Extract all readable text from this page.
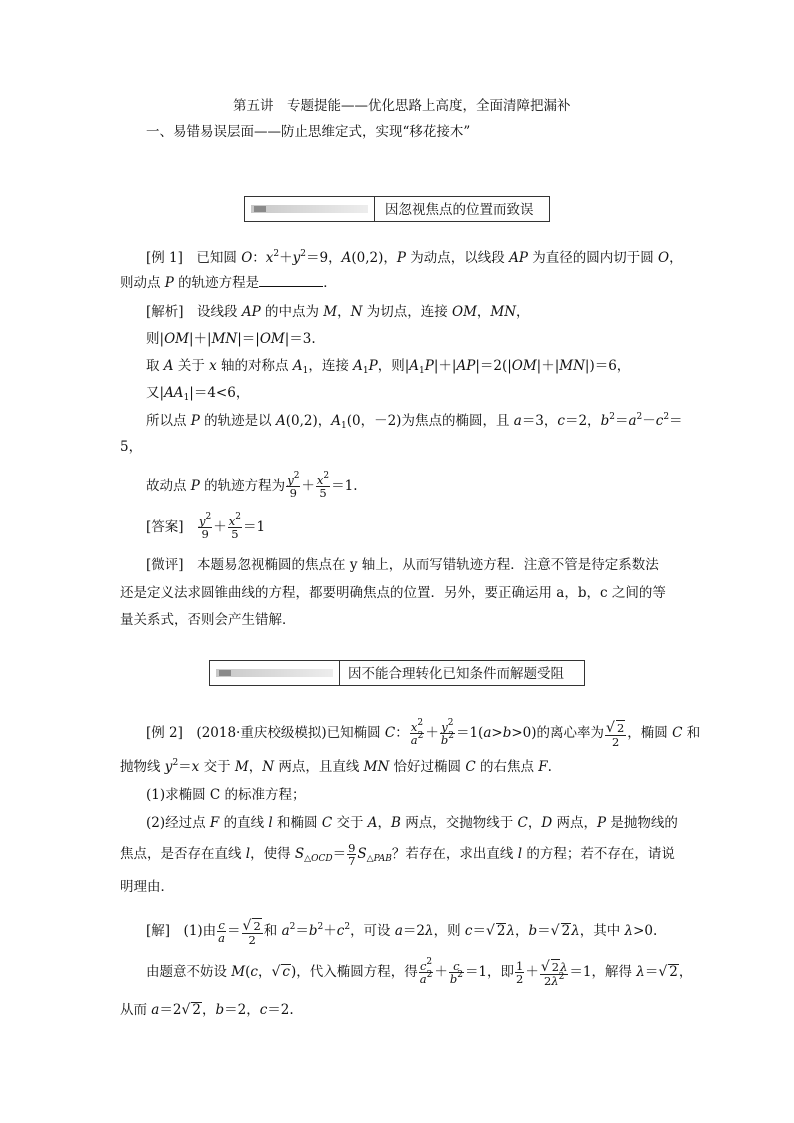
第五讲　专题提能——优化思路上高度，全面清障把漏补
一、易错易误层面——防止思维定式，实现“移花接木”
因忽视焦点的位置而致误
[例 1]　已知圆 O：$x^2+y^2=9$，A(0,2)，P 为动点，以线段 AP 为直径的圆内切于圆 O，
则动点 P 的轨迹方程是	．
[解析]　设线段 AP 的中点为 M，N 为切点，连接 OM，MN，
则|OM|＋|MN|＝|OM|＝3.
取 A 关于 x 轴的对称点 $A_1$，连接 $A_1P$，则$|A_1P|+|AP|=2(|OM|+|MN|)=6$，
又$|AA_1|=4<6$，
所以点 P 的轨迹是以 A(0,2)，$A_1(0$，－2)为焦点的椭圆，且 a＝3，c＝2，$b^2=a^2-c^2=$
5，
故动点 P 的轨迹方程为 $\frac{y^2}{9} + \frac{x^2}{5} =1$.
[答案]　 $\frac{y^2}{9} + \frac{x^2}{5} =1$
[微评]　 本题易忽视椭圆的焦点在 y 轴上，从而写错轨迹方程．注意不管是待定系数法
还是定义法求圆锥曲线的方程，都要明确焦点的位置．另外，要正确运用 a，b，c 之间的等
量关系式，否则会产生错解．
因不能合理转化已知条件而解题受阻
[例 2]　 (2018·重庆校级模拟)已知椭圆 C： $\frac{x^2}{a^2} + \frac{y^2}{b^2} =1(a>b>0)$的离心率为 $\frac{√ 2}{2}$ ，椭圆 C 和
抛物线 $y^2=x$ 交于 M，N 两点，且直线 MN 恰好过椭圆 C 的右焦点 F.
(1)求椭圆 C 的标准方程；
(2)经过点 F 的直线 l 和椭圆 C 交于 A，B 两点，交抛物线于 C，D 两点，P 是抛物线的
焦点，是否存在直线 l，使得 $S_{\triangle OCD}= \frac{9}{7} S_{\triangle PAB}$？若存在，求出直线 l 的方程；若不存在，请说
明理由．
[解]　(1)由 $\frac{c}{a} = \frac{√ 2}{2}$ 和 $a^2=b^2+c^2$，可设 a＝2λ，则 c＝√ 2λ，b＝√ 2λ，其中 λ>0.
由题意不妨设 M(c，√ c)，代入椭圆方程，得 $\frac{c^2}{a^2} + \frac{c}{b^2} =1$，即 $\frac{1}{2} + \frac{√ 2\lambda}{2\lambda^2} =1$，解得 λ＝√ 2，
从而 a＝2√ 2，b＝2，c＝2.
